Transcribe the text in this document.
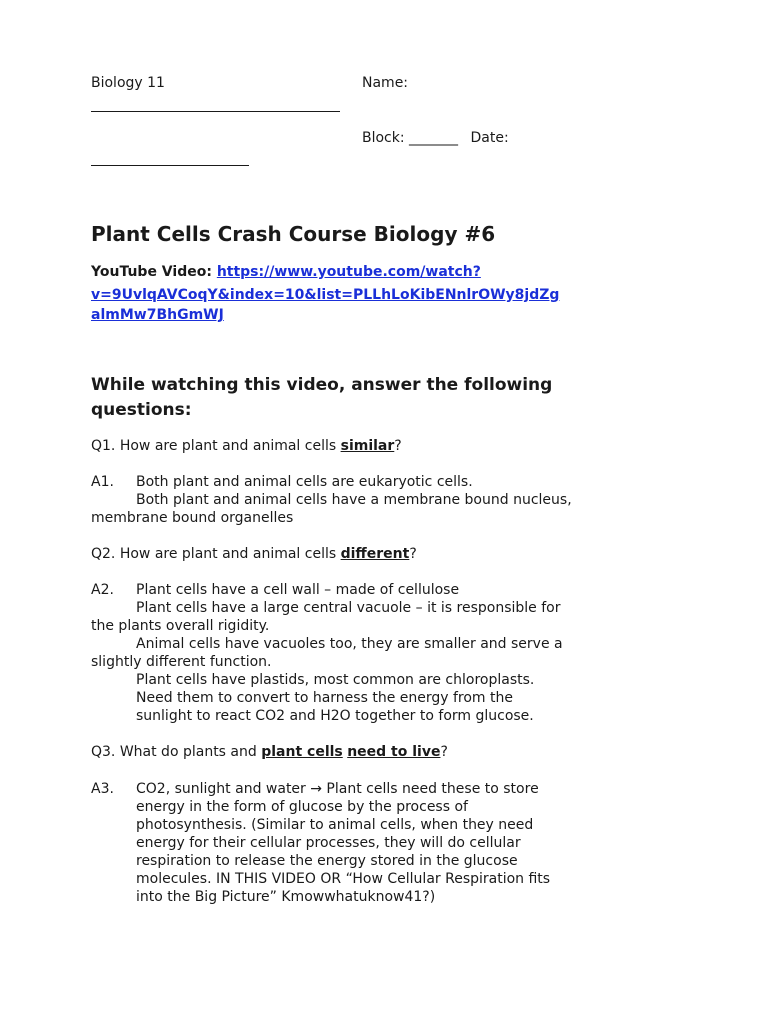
Biology 11	Name:
Block: _______ Date:
Plant Cells Crash Course Biology #6
YouTube Video: https://www.youtube.com/watch?
v=9UvlqAVCoqY&index=10&list=PLLhLoKibENnlrOWy8jdZg
almMw7BhGmWJ
While watching this video, answer the following
questions:
Q1. How are plant and animal cells similar?
A1. Both plant and animal cells are eukaryotic cells.
Both plant and animal cells have a membrane bound nucleus,
membrane bound organelles
Q2. How are plant and animal cells different?
A2. Plant cells have a cell wall – made of cellulose
Plant cells have a large central vacuole – it is responsible for
the plants overall rigidity.
Animal cells have vacuoles too, they are smaller and serve a
slightly different function.
Plant cells have plastids, most common are chloroplasts.
Need them to convert to harness the energy from the
sunlight to react CO2 and H2O together to form glucose.
Q3. What do plants and plant cells need to live?
A3. CO2, sunlight and water → Plant cells need these to store
energy in the form of glucose by the process of
photosynthesis. (Similar to animal cells, when they need
energy for their cellular processes, they will do cellular
respiration to release the energy stored in the glucose
molecules. IN THIS VIDEO OR “How Cellular Respiration fits
into the Big Picture” Kmowwhatuknow41?)
